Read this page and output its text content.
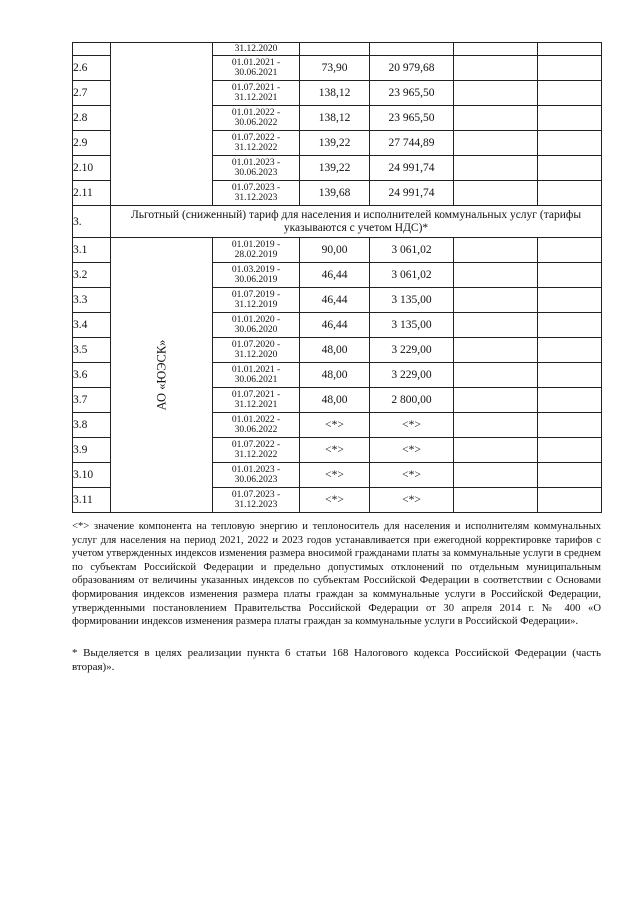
		31.12.2020				
2.6		01.01.2021 - 30.06.2021	73,90	20 979,68		
2.7		01.07.2021 - 31.12.2021	138,12	23 965,50		
2.8		01.01.2022 - 30.06.2022	138,12	23 965,50		
2.9		01.07.2022 - 31.12.2022	139,22	27 744,89		
2.10		01.01.2023 - 30.06.2023	139,22	24 991,74		
2.11		01.07.2023 - 31.12.2023	139,68	24 991,74		
3.	Льготный (сниженный) тариф для населения и исполнителей коммунальных услуг (тарифы указываются с учетом НДС)*					
3.1	АО «ЮЭСК»	01.01.2019 - 28.02.2019	90,00	3 061,02		
3.2		01.03.2019 - 30.06.2019	46,44	3 061,02		
3.3		01.07.2019 - 31.12.2019	46,44	3 135,00		
3.4		01.01.2020 - 30.06.2020	46,44	3 135,00		
3.5		01.07.2020 - 31.12.2020	48,00	3 229,00		
3.6		01.01.2021 - 30.06.2021	48,00	3 229,00		
3.7		01.07.2021 - 31.12.2021	48,00	2 800,00		
3.8		01.01.2022 - 30.06.2022	<*>	<*>		
3.9		01.07.2022 - 31.12.2022	<*>	<*>		
3.10		01.01.2023 - 30.06.2023	<*>	<*>		
3.11		01.07.2023 - 31.12.2023	<*>	<*>		

<*> значение компонента на тепловую энергию и теплоноситель для населения и исполнителям коммунальных услуг для населения на период 2021, 2022 и 2023 годов устанавливается при ежегодной корректировке тарифов с учетом утвержденных индексов изменения размера вносимой гражданами платы за коммунальные услуги в среднем по субъектам Российской Федерации и предельно допустимых отклонений по отдельным муниципальным образованиям от величины указанных индексов по субъектам Российской Федерации в соответствии с Основами формирования индексов изменения размера платы граждан за коммунальные услуги в Российской Федерации, утвержденными постановлением Правительства Российской Федерации от 30 апреля 2014 г. № 400 «О формировании индексов изменения размера платы граждан за коммунальные услуги в Российской Федерации».

* Выделяется в целях реализации пункта 6 статьи 168 Налогового кодекса Российской Федерации (часть вторая)».
